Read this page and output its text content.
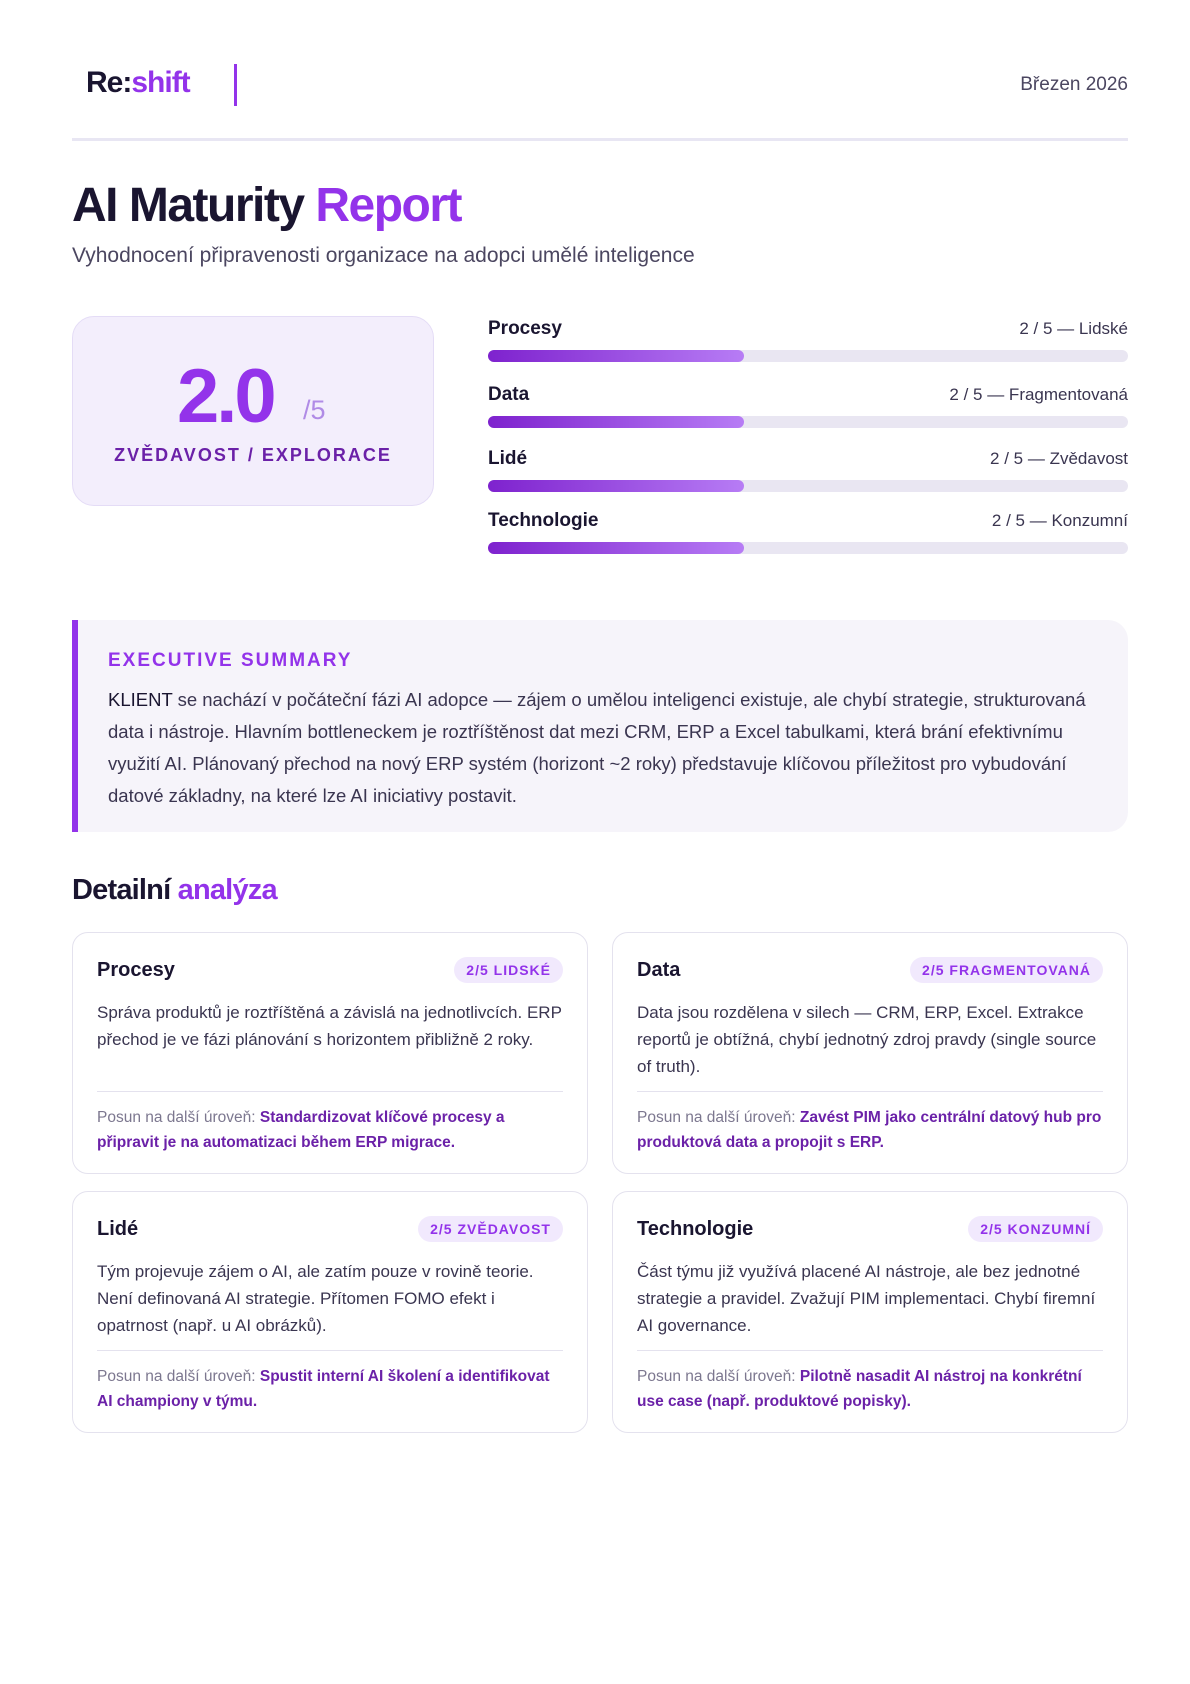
Re:shift	Březen 2026
AI Maturity Report
Vyhodnocení připravenosti organizace na adopci umělé inteligence
2.0 /5
ZVĚDAVOST / EXPLORACE
Procesy	2 / 5 — Lidské
Data	2 / 5 — Fragmentovaná
Lidé	2 / 5 — Zvědavost
Technologie	2 / 5 — Konzumní
EXECUTIVE SUMMARY

KLIENT se nachází v počáteční fázi AI adopce — zájem o umělou inteligenci existuje, ale chybí strategie, strukturovaná data i nástroje. Hlavním bottleneckem je roztříštěnost dat mezi CRM, ERP a Excel tabulkami, která brání efektivnímu využití AI. Plánovaný přechod na nový ERP systém (horizont ~2 roky) představuje klíčovou příležitost pro vybudování datové základny, na které lze AI iniciativy postavit.

Detailní analýza
Procesy	2/5 LIDSKÉ
Správa produktů je roztříštěná a závislá na jednotlivcích. ERP přechod je ve fázi plánování s horizontem přibližně 2 roky.
Posun na další úroveň: Standardizovat klíčové procesy a připravit je na automatizaci během ERP migrace.
Data	2/5 FRAGMENTOVANÁ
Data jsou rozdělena v silech — CRM, ERP, Excel. Extrakce reportů je obtížná, chybí jednotný zdroj pravdy (single source of truth).
Posun na další úroveň: Zavést PIM jako centrální datový hub pro produktová data a propojit s ERP.
Lidé	2/5 ZVĚDAVOST
Tým projevuje zájem o AI, ale zatím pouze v rovině teorie. Není definovaná AI strategie. Přítomen FOMO efekt i opatrnost (např. u AI obrázků).
Posun na další úroveň: Spustit interní AI školení a identifikovat AI championy v týmu.
Technologie	2/5 KONZUMNÍ
Část týmu již využívá placené AI nástroje, ale bez jednotné strategie a pravidel. Zvažují PIM implementaci. Chybí firemní AI governance.
Posun na další úroveň: Pilotně nasadit AI nástroj na konkrétní use case (např. produktové popisky).
